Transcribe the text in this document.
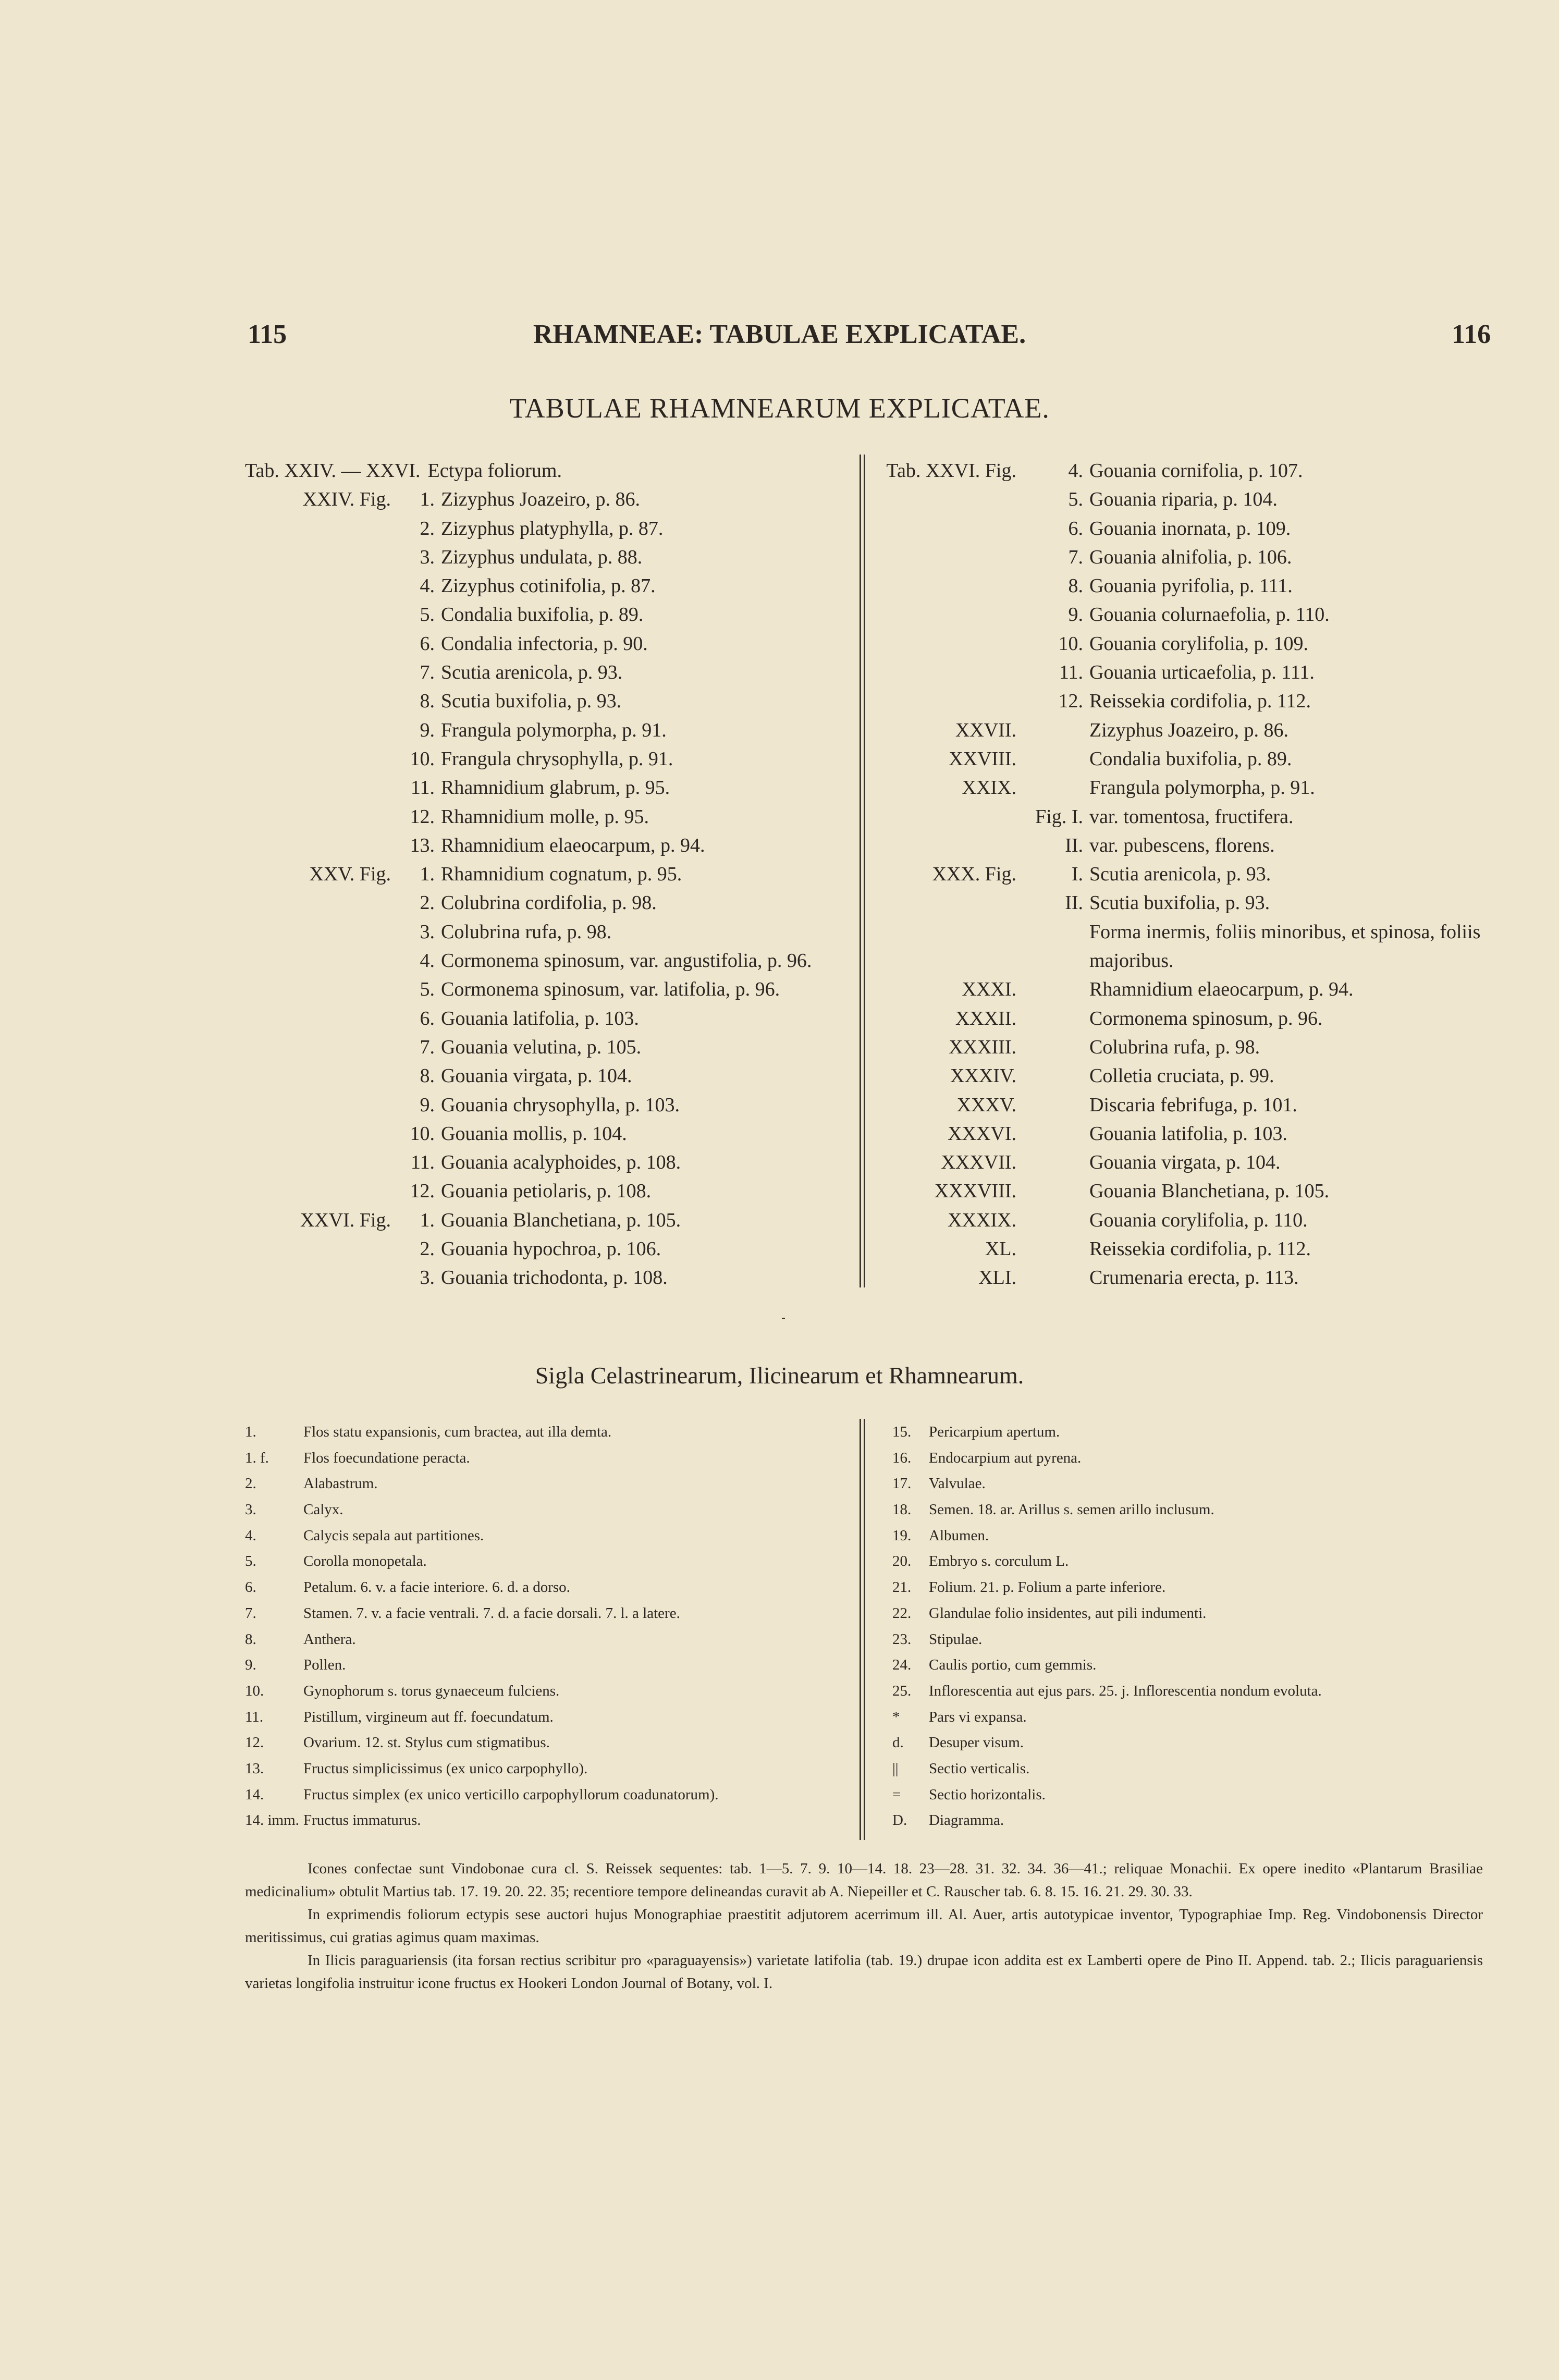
115	RHAMNEAE: TABULAE EXPLICATAE.	116
TABULAE RHAMNEARUM EXPLICATAE.
Tab. XXIV. — XXVI. Ectypa foliorum.
XXIV. Fig. 1. Zizyphus Joazeiro, p. 86.
2. Zizyphus platyphylla, p. 87.
3. Zizyphus undulata, p. 88.
4. Zizyphus cotinifolia, p. 87.
5. Condalia buxifolia, p. 89.
6. Condalia infectoria, p. 90.
7. Scutia arenicola, p. 93.
8. Scutia buxifolia, p. 93.
9. Frangula polymorpha, p. 91.
10. Frangula chrysophylla, p. 91.
11. Rhamnidium glabrum, p. 95.
12. Rhamnidium molle, p. 95.
13. Rhamnidium elaeocarpum, p. 94.
XXV. Fig. 1. Rhamnidium cognatum, p. 95.
2. Colubrina cordifolia, p. 98.
3. Colubrina rufa, p. 98.
4. Cormonema spinosum, var. angustifolia, p. 96.
5. Cormonema spinosum, var. latifolia, p. 96.
6. Gouania latifolia, p. 103.
7. Gouania velutina, p. 105.
8. Gouania virgata, p. 104.
9. Gouania chrysophylla, p. 103.
10. Gouania mollis, p. 104.
11. Gouania acalyphoides, p. 108.
12. Gouania petiolaris, p. 108.
XXVI. Fig. 1. Gouania Blanchetiana, p. 105.
2. Gouania hypochroa, p. 106.
3. Gouania trichodonta, p. 108.
Tab. XXVI. Fig.	4. Gouania cornifolia, p. 107.
5. Gouania riparia, p. 104.
6. Gouania inornata, p. 109.
7. Gouania alnifolia, p. 106.
8. Gouania pyrifolia, p. 111.
9. Gouania colurnaefolia, p. 110.
10. Gouania corylifolia, p. 109.
11. Gouania urticaefolia, p. 111.
12. Reissekia cordifolia, p. 112.
XXVII.	Zizyphus Joazeiro, p. 86.
XXVIII.	Condalia buxifolia, p. 89.
XXIX.	Frangula polymorpha, p. 91.
Fig. I. var. tomentosa, fructifera.
II. var. pubescens, florens.
XXX. Fig.	I. Scutia arenicola, p. 93.
II. Scutia buxifolia, p. 93.
Forma inermis, foliis minoribus, et spinosa, foliis
majoribus.
XXXI.	Rhamnidium elaeocarpum, p. 94.
XXXII.	Cormonema spinosum, p. 96.
XXXIII.	Colubrina rufa, p. 98.
XXXIV.	Colletia cruciata, p. 99.
XXXV.	Discaria febrifuga, p. 101.
XXXVI.	Gouania latifolia, p. 103.
XXXVII.	Gouania virgata, p. 104.
XXXVIII.	Gouania Blanchetiana, p. 105.
XXXIX.	Gouania corylifolia, p. 110.
XL.	Reissekia cordifolia, p. 112.
XLI.	Crumenaria erecta, p. 113.
Sigla Celastrinearum, Ilicinearum et Rhamnearum.
1.	Flos statu expansionis, cum bractea, aut illa demta.
1. f. Flos foecundatione peracta.
2.	Alabastrum.
3.	Calyx.
4.	Calycis sepala aut partitiones.
5.	Corolla monopetala.
6.	Petalum. 6. v. a facie interiore. 6. d. a dorso.
7.	Stamen. 7. v. a facie ventrali. 7. d. a facie dorsali. 7. l. a latere.
8.	Anthera.
9.	Pollen.
10.	Gynophorum s. torus gynaeceum fulciens.
11.	Pistillum, virgineum aut ff. foecundatum.
12.	Ovarium. 12. st. Stylus cum stigmatibus.
13.	Fructus simplicissimus (ex unico carpophyllo).
14.	Fructus simplex (ex unico verticillo carpophyllorum coadunatorum).
14. imm. Fructus immaturus.
15. Pericarpium apertum.
16. Endocarpium aut pyrena.
17. Valvulae.
18. Semen. 18. ar. Arillus s. semen arillo inclusum.
19. Albumen.
20. Embryo s. corculum L.
21. Folium. 21. p. Folium a parte inferiore.
22. Glandulae folio insidentes, aut pili indumenti.
23. Stipulae.
24. Caulis portio, cum gemmis.
25. Inflorescentia aut ejus pars. 25. j. Inflorescentia nondum evoluta.
* Pars vi expansa.
d. Desuper visum.
|| Sectio verticalis.
= Sectio horizontalis.
D. Diagramma.

Icones confectae sunt Vindobonae cura cl. S. Reissek sequentes: tab. 1—5. 7. 9. 10—14. 18. 23—28. 31. 32. 34. 36—41.; reliquae Monachii. Ex opere inedito «Plantarum Brasiliae medicinalium» obtulit Martius tab. 17. 19. 20. 22. 35; recentiore tempore delineandas curavit ab A. Niepeiller et C. Rauscher tab. 6. 8. 15. 16. 21. 29. 30. 33.

In exprimendis foliorum ectypis sese auctori hujus Monographiae praestitit adjutorem acerrimum ill. Al. Auer, artis autotypicae inventor, Typographiae Imp. Reg. Vindobonensis Director meritissimus, cui gratias agimus quam maximas.

In Ilicis paraguariensis (ita forsan rectius scribitur pro «paraguayensis») varietate latifolia (tab. 19.) drupae icon addita est ex Lamberti opere de Pino II. Append. tab. 2.; Ilicis paraguariensis varietas longifolia instruitur icone fructus ex Hookeri London Journal of Botany, vol. I.
